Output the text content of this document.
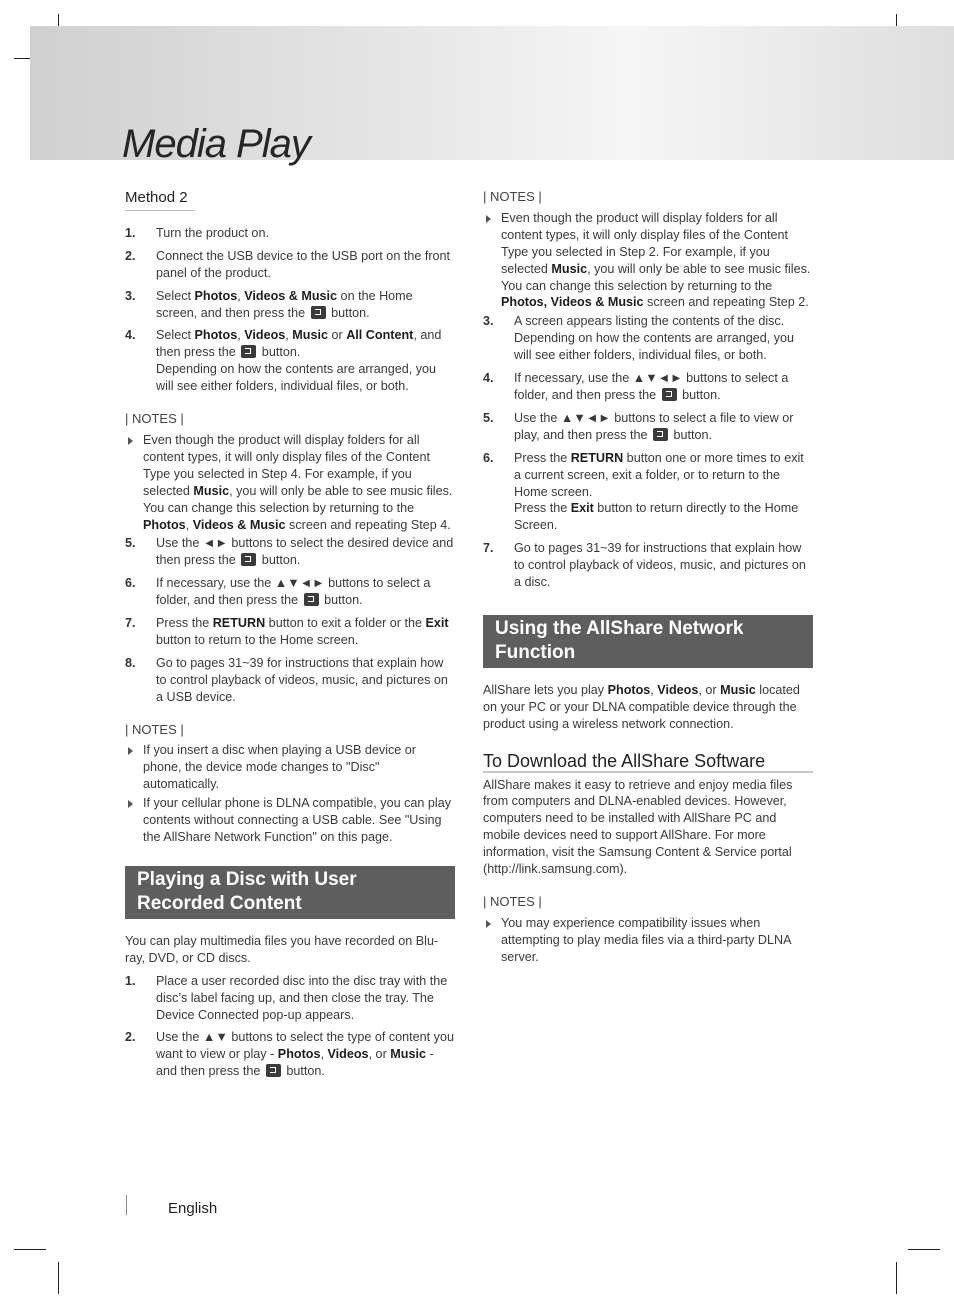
Media Play
Method 2
1. Turn the product on.
2. Connect the USB device to the USB port on the front panel of the product.
3. Select Photos, Videos & Music on the Home screen, and then press the  button.
4. Select Photos, Videos, Music or All Content, and then press the  button.
Depending on how the contents are arranged, you will see either folders, individual files, or both.
| NOTES |
Even though the product will display folders for all content types, it will only display files of the Content Type you selected in Step 4. For example, if you selected Music, you will only be able to see music files. You can change this selection by returning to the Photos, Videos & Music screen and repeating Step 4.
5. Use the ◄► buttons to select the desired device and then press the  button.
6. If necessary, use the ▲▼◄► buttons to select a folder, and then press the  button.
7. Press the RETURN button to exit a folder or the Exit button to return to the Home screen.
8. Go to pages 31~39 for instructions that explain how to control playback of videos, music, and pictures on a USB device.
| NOTES |
If you insert a disc when playing a USB device or phone, the device mode changes to "Disc" automatically.
If your cellular phone is DLNA compatible, you can play contents without connecting a USB cable. See "Using the AllShare Network Function" on this page.
Playing a Disc with User Recorded Content

You can play multimedia files you have recorded on Blu-ray, DVD, or CD discs.

1. Place a user recorded disc into the disc tray with the disc’s label facing up, and then close the tray. The Device Connected pop-up appears.
2. Use the ▲▼ buttons to select the type of content you want to view or play - Photos, Videos, or Music - and then press the  button.
| NOTES |
Even though the product will display folders for all content types, it will only display files of the Content Type you selected in Step 2. For example, if you selected Music, you will only be able to see music files. You can change this selection by returning to the Photos, Videos & Music screen and repeating Step 2.
3. A screen appears listing the contents of the disc. Depending on how the contents are arranged, you will see either folders, individual files, or both.
4. If necessary, use the ▲▼◄► buttons to select a folder, and then press the  button.
5. Use the ▲▼◄► buttons to select a file to view or play, and then press the  button.
6. Press the RETURN button one or more times to exit a current screen, exit a folder, or to return to the Home screen.
Press the Exit button to return directly to the Home Screen.
7. Go to pages 31~39 for instructions that explain how to control playback of videos, music, and pictures on a disc.
Using the AllShare Network Function

AllShare lets you play Photos, Videos, or Music located on your PC or your DLNA compatible device through the product using a wireless network connection.

To Download the AllShare Software

AllShare makes it easy to retrieve and enjoy media files from computers and DLNA-enabled devices. However, computers need to be installed with AllShare PC and mobile devices need to support AllShare. For more information, visit the Samsung Content & Service portal (http://link.samsung.com).

| NOTES |
You may experience compatibility issues when attempting to play media files via a third-party DLNA server.
English
